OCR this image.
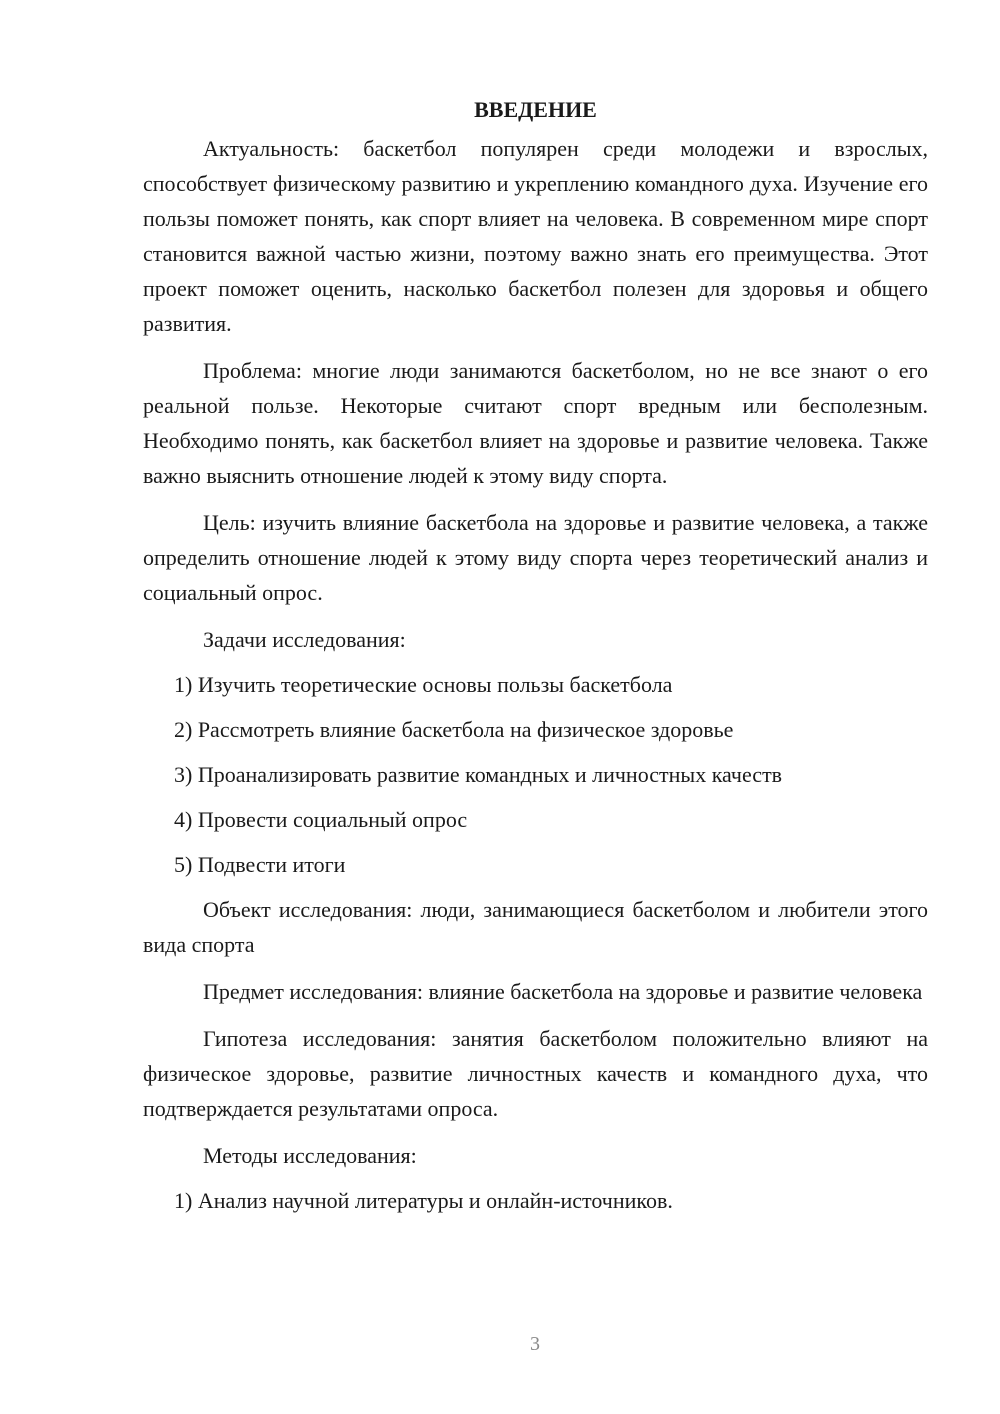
ВВЕДЕНИЕ

Актуальность: баскетбол популярен среди молодежи и взрослых, способствует физическому развитию и укреплению командного духа. Изучение его пользы поможет понять, как спорт влияет на человека. В современном мире спорт становится важной частью жизни, поэтому важно знать его преимущества. Этот проект поможет оценить, насколько баскетбол полезен для здоровья и общего развития.

Проблема: многие люди занимаются баскетболом, но не все знают о его реальной пользе. Некоторые считают спорт вредным или бесполезным. Необходимо понять, как баскетбол влияет на здоровье и развитие человека. Также важно выяснить отношение людей к этому виду спорта.

Цель: изучить влияние баскетбола на здоровье и развитие человека, а также определить отношение людей к этому виду спорта через теоретический анализ и социальный опрос.

Задачи исследования:

1) Изучить теоретические основы пользы баскетбола
2) Рассмотреть влияние баскетбола на физическое здоровье
3) Проанализировать развитие командных и личностных качеств
4) Провести социальный опрос
5) Подвести итоги

Объект исследования: люди, занимающиеся баскетболом и любители этого вида спорта

Предмет исследования: влияние баскетбола на здоровье и развитие человека

Гипотеза исследования: занятия баскетболом положительно влияют на физическое здоровье, развитие личностных качеств и командного духа, что подтверждается результатами опроса.

Методы исследования:

1) Анализ научной литературы и онлайн-источников.
3
